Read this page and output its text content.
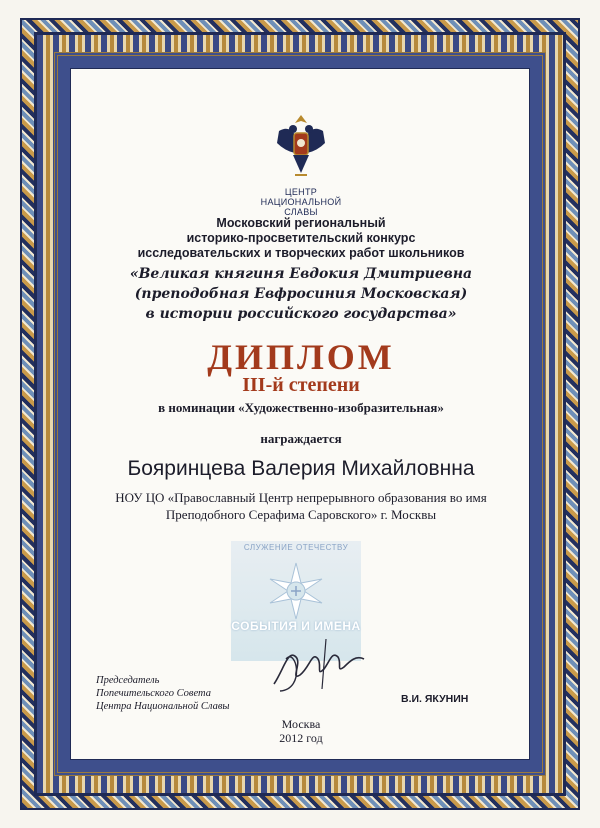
ЦЕНТР
НАЦИОНАЛЬНОЙ
СЛАВЫ
Московский региональный
историко-просветительский конкурс
исследовательских и творческих работ школьников
«Великая княгиня Евдокия Дмитриевна
(преподобная Евфросиния Московская)
в истории российского государства»
ДИПЛОМ
III-й степени
в номинации «Художественно-изобразительная»
награждается
Бояринцева Валерия Михайловнна
НОУ ЦО «Православный Центр непрерывного образования во имя
Преподобного Серафима Саровского» г. Москвы
СЛУЖЕНИЕ ОТЕЧЕСТВУ
СОБЫТИЯ И ИМЕНА
Председатель
Попечительского Совета
Центра Национальной Славы
В.И. ЯКУНИН
Москва
2012 год
